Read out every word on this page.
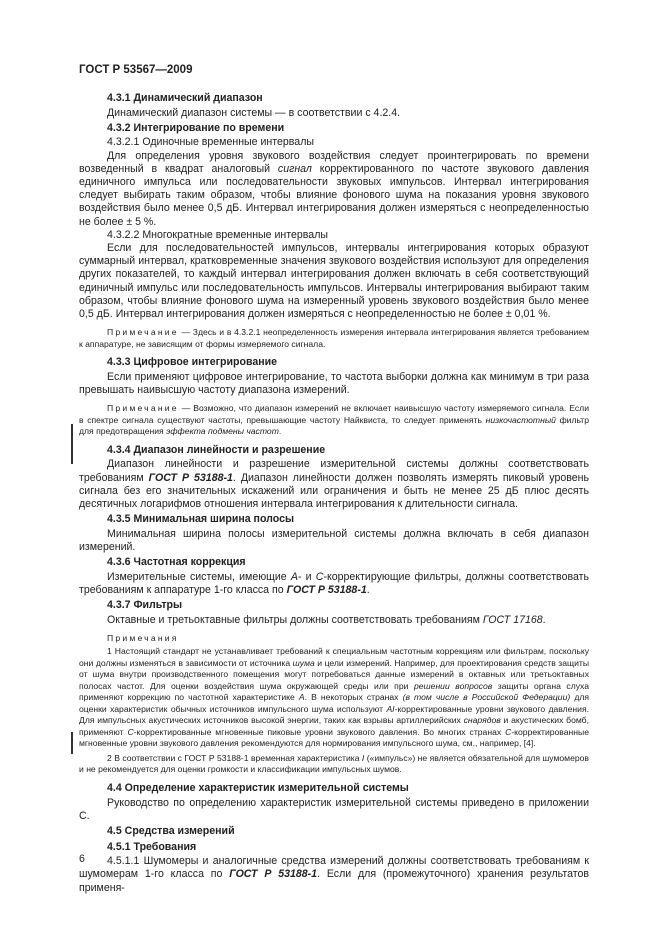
ГОСТ Р 53567—2009
4.3.1 Динамический диапазон

Динамический диапазон системы — в соответствии с 4.2.4.

4.3.2 Интегрирование по времени
4.3.2.1 Одиночные временные интервалы

Для определения уровня звукового воздействия следует проинтегрировать по времени возведенный в квадрат аналоговый сигнал корректированного по частоте звукового давления единичного импульса или последовательности звуковых импульсов. Интервал интегрирования следует выбирать таким образом, чтобы влияние фонового шума на показания уровня звукового воздействия было менее 0,5 дБ. Интервал интегрирования должен измеряться с неопределенностью не более ± 5 %.

4.3.2.2 Многократные временные интервалы

Если для последовательностей импульсов, интервалы интегрирования которых образуют суммарный интервал, кратковременные значения звукового воздействия используют для определения других показателей, то каждый интервал интегрирования должен включать в себя соответствующий единичный импульс или последовательность импульсов. Интервалы интегрирования выбирают таким образом, чтобы влияние фонового шума на измеренный уровень звукового воздействия было менее 0,5 дБ. Интервал интегрирования должен измеряться с неопределенностью не более ± 0,01 %.

Примечание — Здесь и в 4.3.2.1 неопределенность измерения интервала интегрирования является требованием к аппаратуре, не зависящим от формы измеряемого сигнала.

4.3.3 Цифровое интегрирование

Если применяют цифровое интегрирование, то частота выборки должна как минимум в три раза превышать наивысшую частоту диапазона измерений.

Примечание — Возможно, что диапазон измерений не включает наивысшую частоту измеряемого сигнала. Если в спектре сигнала существуют частоты, превышающие частоту Найквиста, то следует применять низкочастотный фильтр для предотвращения эффекта подмены частот.

4.3.4 Диапазон линейности и разрешение

Диапазон линейности и разрешение измерительной системы должны соответствовать требованиям ГОСТ Р 53188-1. Диапазон линейности должен позволять измерять пиковый уровень сигнала без его значительных искажений или ограничения и быть не менее 25 дБ плюс десять десятичных логарифмов отношения интервала интегрирования к длительности сигнала.

4.3.5 Минимальная ширина полосы

Минимальная ширина полосы измерительной системы должна включать в себя диапазон измерений.

4.3.6 Частотная коррекция

Измерительные системы, имеющие A- и C-корректирующие фильтры, должны соответствовать требованиям к аппаратуре 1-го класса по ГОСТ Р 53188-1.

4.3.7 Фильтры

Октавные и третьоктавные фильтры должны соответствовать требованиям ГОСТ 17168.

Примечания

1 Настоящий стандарт не устанавливает требований к специальным частотным коррекциям или фильтрам, поскольку они должны изменяться в зависимости от источника шума и цели измерений. Например, для проектирования средств защиты от шума внутри производственного помещения могут потребоваться данные измерений в октавных или третьоктавных полосах частот. Для оценки воздействия шума окружающей среды или при решении вопросов защиты органа слуха применяют коррекцию по частотной характеристике A. В некоторых странах (в том числе в Российской Федерации) для оценки характеристик обычных источников импульсного шума используют AI-корректированные уровни звукового давления. Для импульсных акустических источников высокой энергии, таких как взрывы артиллерийских снарядов и акустических бомб, применяют C-корректированные мгновенные пиковые уровни звукового давления. Во многих странах C-корректированные мгновенные уровни звукового давления рекомендуются для нормирования импульсного шума, см., например, [4].

2 В соответствии с ГОСТ Р 53188-1 временная характеристика I («импульс») не является обязательной для шумомеров и не рекомендуется для оценки громкости и классификации импульсных шумов.

4.4 Определение характеристик измерительной системы

Руководство по определению характеристик измерительной системы приведено в приложении С.

4.5 Средства измерений
4.5.1 Требования

4.5.1.1 Шумомеры и аналогичные средства измерений должны соответствовать требованиям к шумомерам 1-го класса по ГОСТ Р 53188-1. Если для (промежуточного) хранения результатов применя-

6
